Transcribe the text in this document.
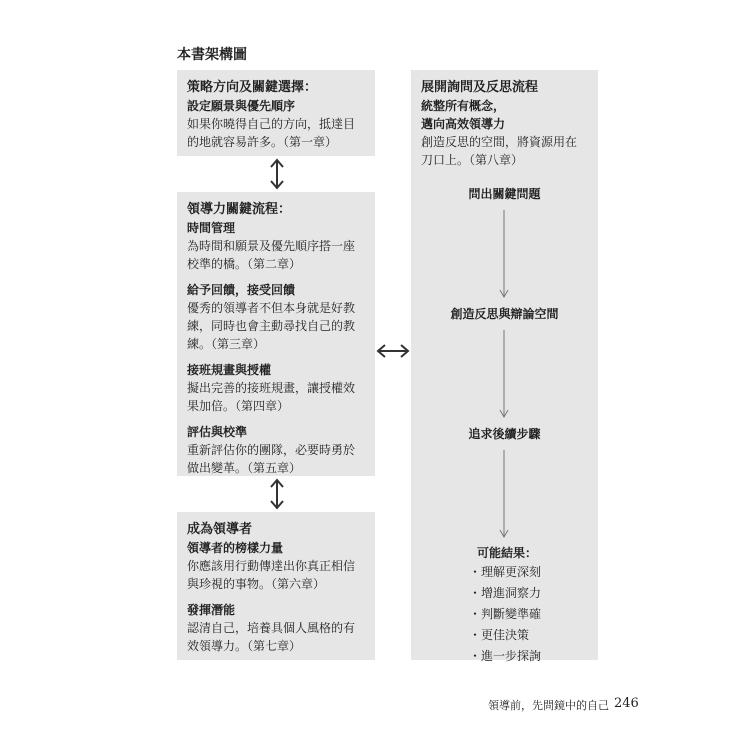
本書架構圖
策略方向及關鍵選擇：
設定願景與優先順序
如果你曉得自己的方向，抵達目的地就容易許多。（第一章）
領導力關鍵流程：
時間管理
為時間和願景及優先順序搭一座校準的橋。（第二章）
給予回饋，接受回饋
優秀的領導者不但本身就是好教練，同時也會主動尋找自己的教練。（第三章）
接班規畫與授權
擬出完善的接班規畫，讓授權效果加倍。（第四章）
評估與校準
重新評估你的團隊，必要時勇於做出變革。（第五章）
成為領導者
領導者的榜樣力量
你應該用行動傳達出你真正相信與珍視的事物。（第六章）
發揮潛能
認清自己，培養具個人風格的有效領導力。（第七章）
展開詢問及反思流程
統整所有概念，
邁向高效領導力
創造反思的空間，將資源用在刀口上。（第八章）
問出關鍵問題
創造反思與辯論空間
追求後續步驟
可能結果：
・理解更深刻
・增進洞察力
・判斷變準確
・更佳決策
・進一步探詢
領導前，先問鏡中的自己 246
